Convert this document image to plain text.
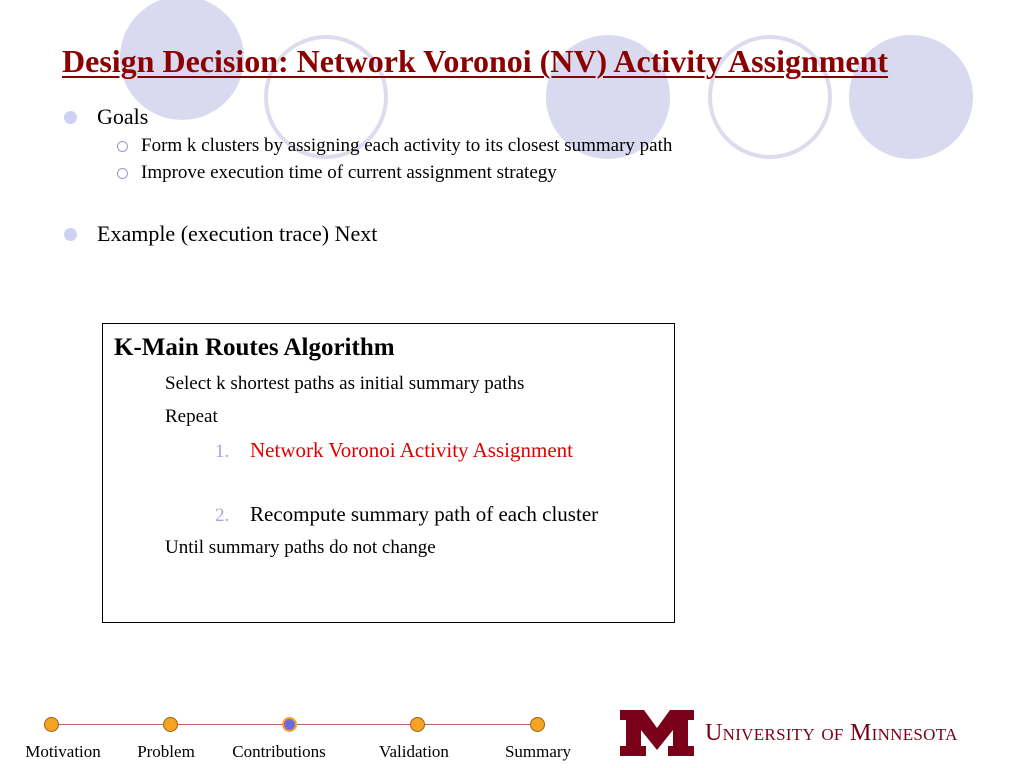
Design Decision: Network Voronoi (NV) Activity Assignment
Goals
Form k clusters by assigning each activity to its closest summary path
Improve execution time of current assignment strategy
Example (execution trace) Next
K-Main Routes Algorithm
Select k shortest paths as initial summary paths
Repeat
1. Network Voronoi Activity Assignment
2. Recompute summary path of each cluster
Until summary paths do not change
Motivation Problem Contributions	Validation	Summary
University of Minnesota
